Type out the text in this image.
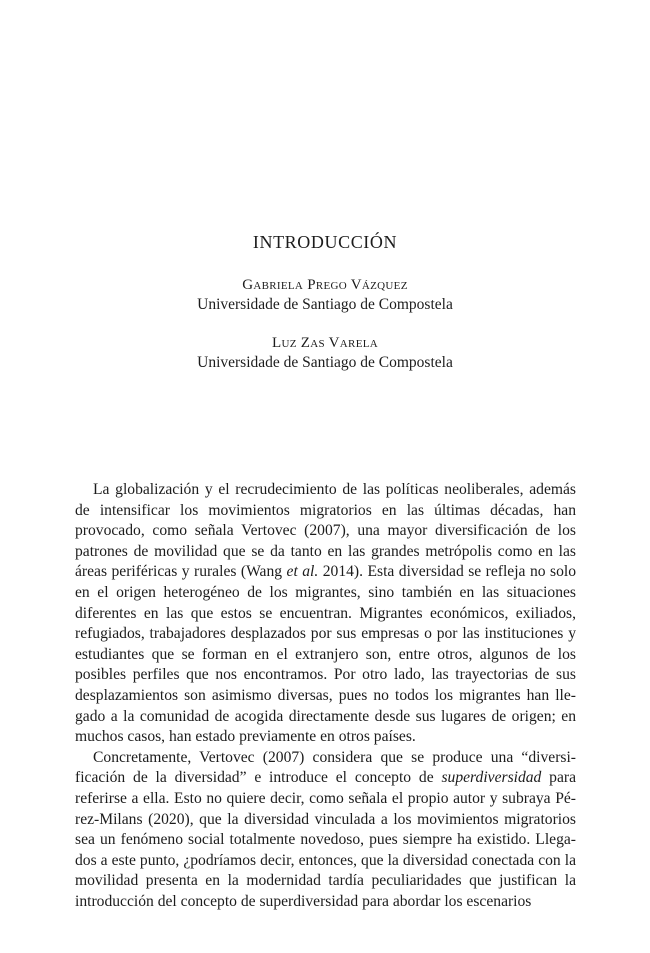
INTRODUCCIÓN
Gabriela Prego Vázquez
Universidade de Santiago de Compostela
Luz Zas Varela
Universidade de Santiago de Compostela

La globalización y el recrudecimiento de las políticas neoliberales, además de intensificar los movimientos migratorios en las últimas décadas, han provocado, como señala Vertovec (2007), una mayor diversificación de los patrones de movilidad que se da tanto en las grandes metrópolis como en las áreas periféricas y rurales (Wang et al. 2014). Esta diversidad se refleja no solo en el origen heterogéneo de los migrantes, sino también en las situaciones diferentes en las que estos se encuentran. Migrantes económicos, exiliados, refugiados, trabajadores desplazados por sus empresas o por las instituciones y estudiantes que se forman en el extranjero son, entre otros, algunos de los posibles perfiles que nos encontramos. Por otro lado, las trayectorias de sus desplazamientos son asimismo diversas, pues no todos los migrantes han llegado a la comunidad de acogida directamente desde sus lugares de origen; en muchos casos, han estado previamente en otros países.

Concretamente, Vertovec (2007) considera que se produce una “diversificación de la diversidad” e introduce el concepto de superdiversidad para referirse a ella. Esto no quiere decir, como señala el propio autor y subraya Pérez-Milans (2020), que la diversidad vinculada a los movimientos migratorios sea un fenómeno social totalmente novedoso, pues siempre ha existido. Llegados a este punto, ¿podríamos decir, entonces, que la diversidad conectada con la movilidad presenta en la modernidad tardía peculiaridades que justifican la introducción del concepto de superdiversidad para abordar los escenarios
